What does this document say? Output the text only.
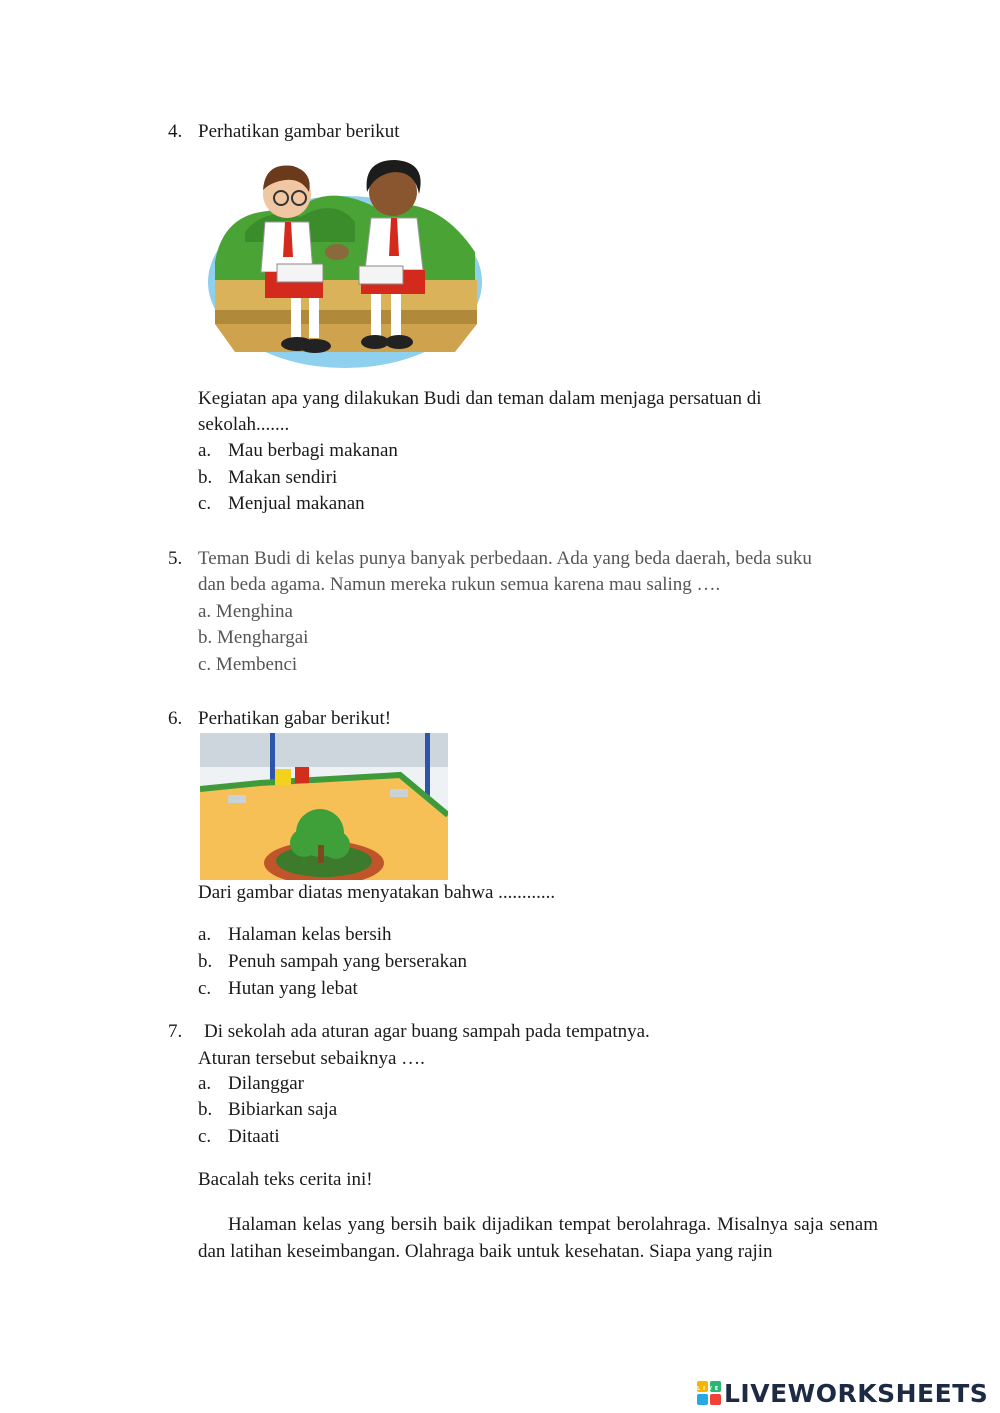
4. Perhatikan gambar berikut
Kegiatan apa yang dilakukan Budi dan teman dalam menjaga persatuan di
sekolah.......
a. Mau berbagi makanan
b. Makan sendiri
c. Menjual makanan
5. Teman Budi di kelas punya banyak perbedaan. Ada yang beda daerah, beda suku
dan beda agama. Namun mereka rukun semua karena mau saling ….
a. Menghina
b. Menghargai
c. Membenci
6. Perhatikan gabar berikut!
Dari gambar diatas menyatakan bahwa ............
a. Halaman kelas bersih
b. Penuh sampah yang berserakan
c. Hutan yang lebat
7. Di sekolah ada aturan agar buang sampah pada tempatnya.
Aturan tersebut sebaiknya ….
a. Dilanggar
b. Bibiarkan saja
c. Ditaati
Bacalah teks cerita ini!
Halaman kelas yang bersih baik dijadikan tempat berolahraga. Misalnya saja senam dan latihan keseimbangan. Olahraga baik untuk kesehatan. Siapa yang rajin
LIVE LIVEWORKSHEETS
